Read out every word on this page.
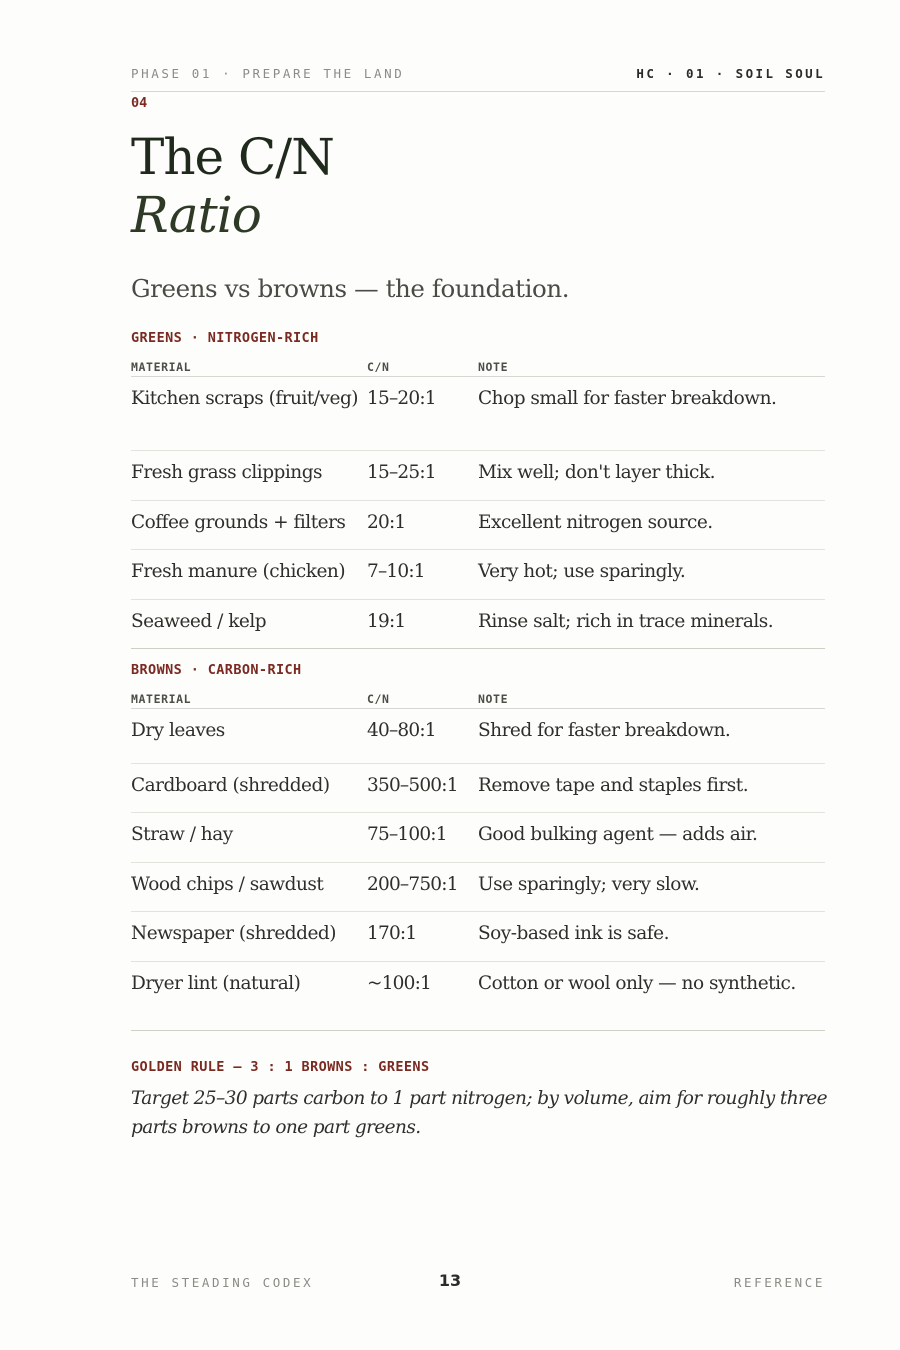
PHASE 01 · PREPARE THE LAND	HC · 01 · SOIL SOUL
04
The C/N
Ratio
Greens vs browns — the foundation.
GREENS · NITROGEN-RICH
MATERIAL	C/N	NOTE
Kitchen scraps (fruit/veg) 15–20:1	Chop small for faster breakdown.
Fresh grass clippings	15–25:1	Mix well; don't layer thick.
Coffee grounds + filters	20:1	Excellent nitrogen source.
Fresh manure (chicken)	7–10:1	Very hot; use sparingly.
Seaweed / kelp	19:1	Rinse salt; rich in trace minerals.
BROWNS · CARBON-RICH
MATERIAL	C/N	NOTE
Dry leaves	40–80:1	Shred for faster breakdown.
Cardboard (shredded)	350–500:1	Remove tape and staples first.
Straw / hay	75–100:1	Good bulking agent — adds air.
Wood chips / sawdust	200–750:1	Use sparingly; very slow.
Newspaper (shredded)	170:1	Soy-based ink is safe.
Dryer lint (natural)	~100:1	Cotton or wool only — no synthetic.
GOLDEN RULE — 3 : 1 BROWNS : GREENS
Target 25–30 parts carbon to 1 part nitrogen; by volume, aim for roughly three parts browns to one part greens.
THE STEADING CODEX	13	REFERENCE
